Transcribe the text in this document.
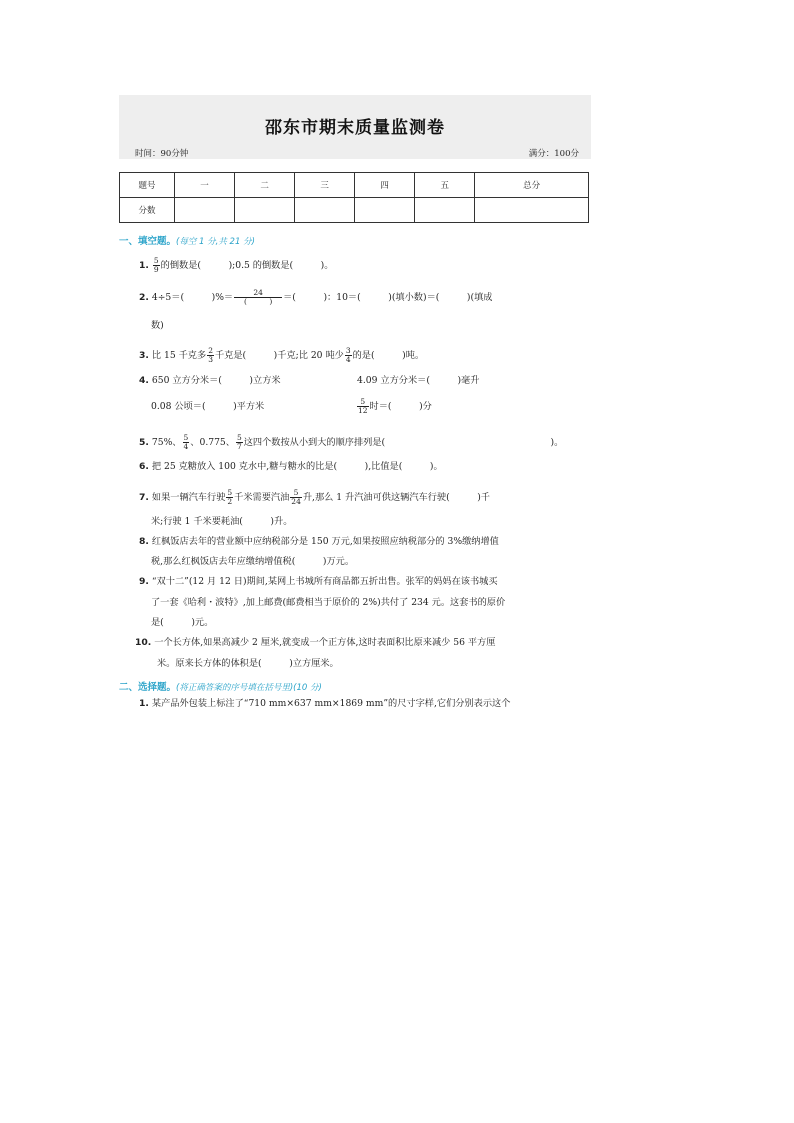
邵东市期末质量监测卷
时间：90分钟	满分：100分
题号	一	二	三	四	五	总分
分数						
一、填空题。(每空 1 分,共 21 分)
1. $\frac{5}{9}$ 的倒数是(　　　);0.5 的倒数是(　　　)。
2. 4÷5＝(　　　)%＝ $\frac{24}{( )}$ ＝(　　　)：10＝(　　　)(填小数)＝(　　　)(填成
数)
3. 比 15 千克多 $\frac{2}{3}$ 千克是(　　　)千克;比 20 吨少 $\frac{3}{4}$ 的是(　　　)吨。
4. 650 立方分米＝(　　　)立方米	4.09 立方分米＝(　　　)毫升
0.08 公顷＝(　　　)平方米	$\frac{5}{12}$ 时＝(　　　)分
5. 75%、 $\frac{5}{4}$ 、0.775、 $\frac{5}{7}$ 这四个数按从小到大的顺序排列是(　　　　　　　　　　　　　　　　　　)。
6. 把 25 克糖放入 100 克水中,糖与糖水的比是(　　　),比值是(　　　)。
7. 如果一辆汽车行驶 $\frac{5}{2}$ 千米需要汽油 $\frac{5}{24}$ 升,那么 1 升汽油可供这辆汽车行驶(　　　)千
米;行驶 1 千米要耗油(　　　)升。
8. 红枫饭店去年的营业额中应纳税部分是 150 万元,如果按照应纳税部分的 3%缴纳增值
税,那么红枫饭店去年应缴纳增值税(　　　)万元。
9. “双十二”(12 月 12 日)期间,某网上书城所有商品都五折出售。张军的妈妈在该书城买
了一套《哈利・波特》,加上邮费(邮费相当于原价的 2%)共付了 234 元。这套书的原价
是(　　　)元。
10. 一个长方体,如果高减少 2 厘米,就变成一个正方体,这时表面积比原来减少 56 平方厘
米。原来长方体的体积是(　　　)立方厘米。
二、选择题。(将正确答案的序号填在括号里)(10 分)
1. 某产品外包装上标注了“710 mm×637 mm×1869 mm”的尺寸字样,它们分别表示这个
